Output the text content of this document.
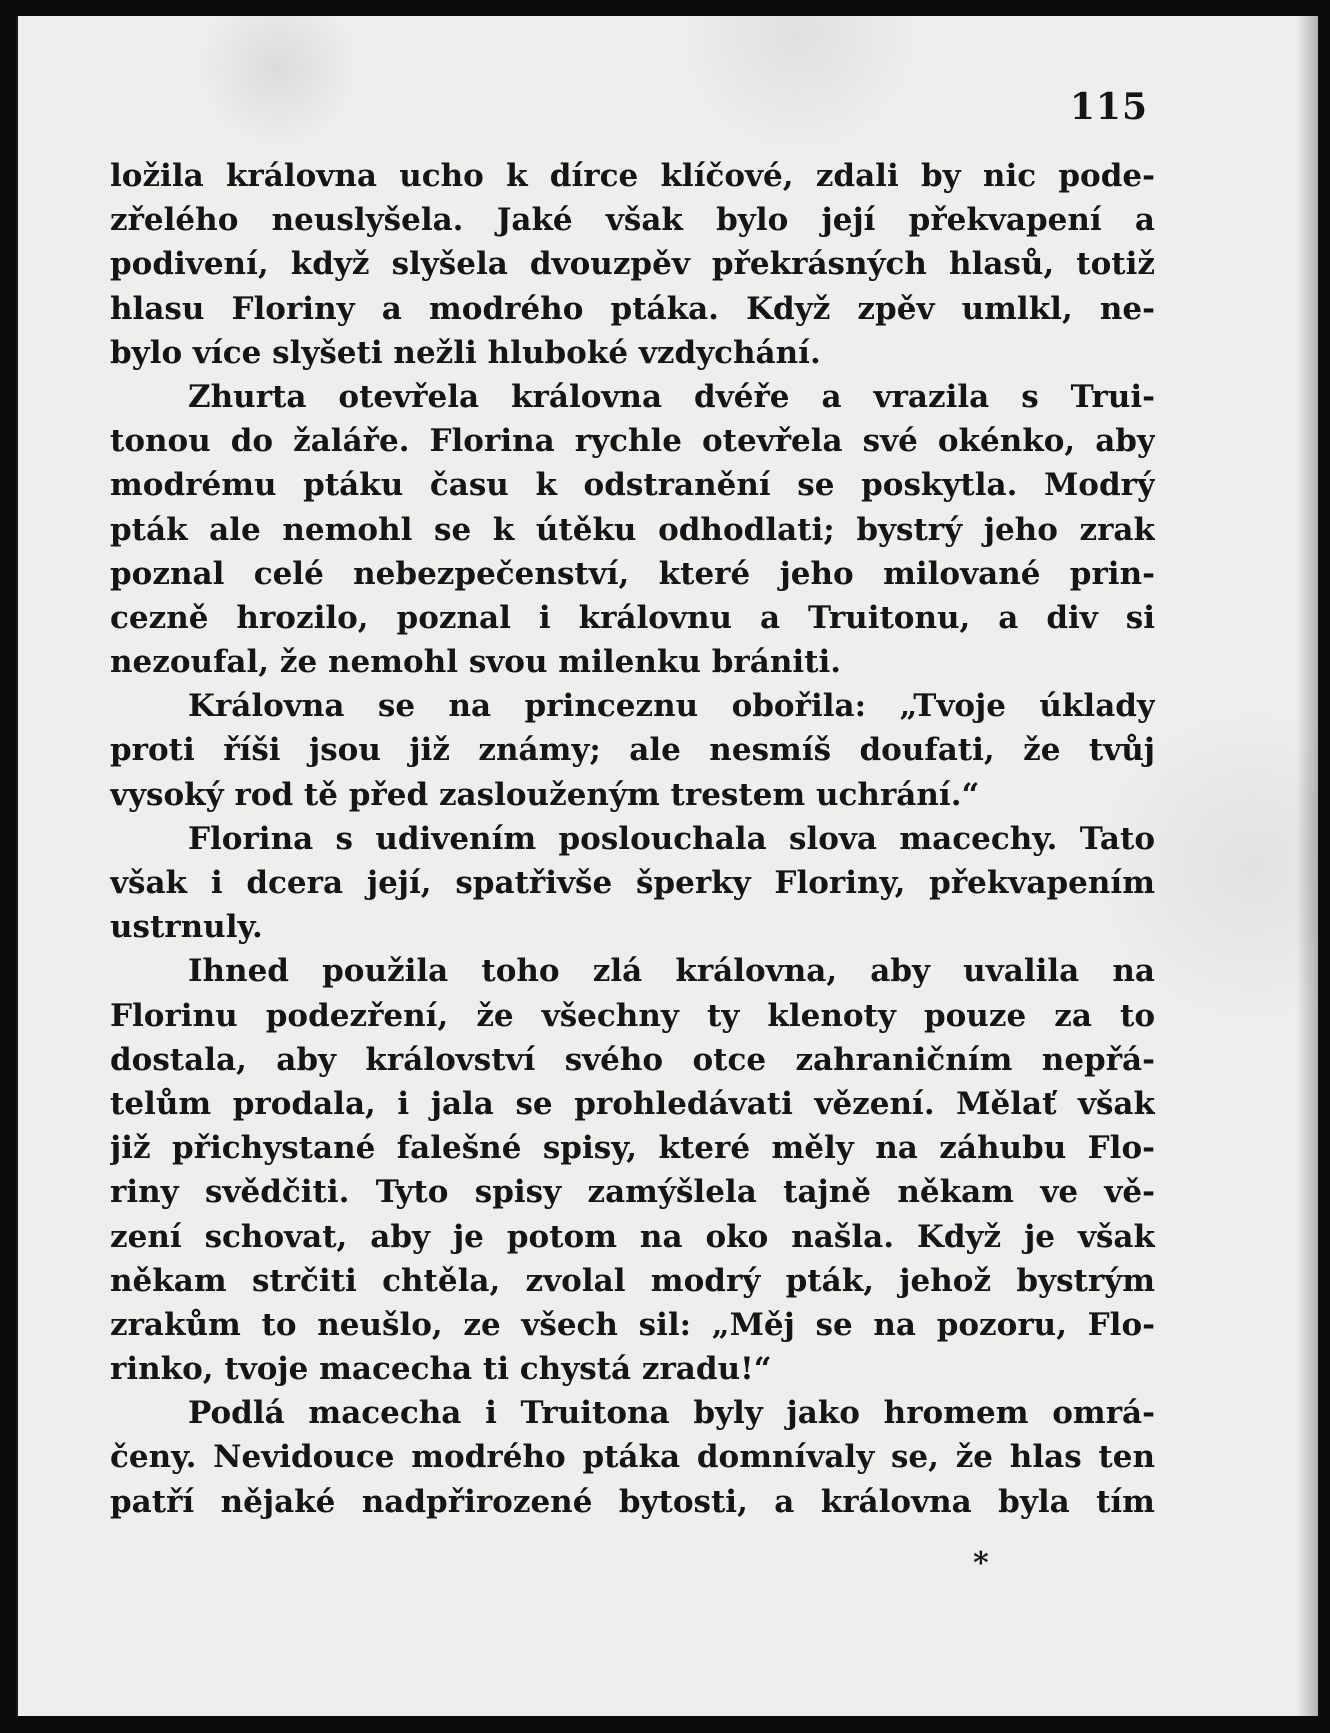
115
ložila královna ucho k dírce klíčové, zdali by nic pode-
zřelého neuslyšela. Jaké však bylo její překvapení a
podivení, když slyšela dvouzpěv překrásných hlasů, totiž
hlasu Floriny a modrého ptáka. Když zpěv umlkl, ne-
bylo více slyšeti nežli hluboké vzdychání.
Zhurta otevřela královna dvéře a vrazila s Trui-
tonou do žaláře. Florina rychle otevřela své okénko, aby
modrému ptáku času k odstranění se poskytla. Modrý
pták ale nemohl se k útěku odhodlati; bystrý jeho zrak
poznal celé nebezpečenství, které jeho milované prin-
cezně hrozilo, poznal i královnu a Truitonu, a div si
nezoufal, že nemohl svou milenku brániti.
Královna se na princeznu obořila: „Tvoje úklady
proti říši jsou již známy; ale nesmíš doufati, že tvůj
vysoký rod tě před zaslouženým trestem uchrání.“
Florina s udivením poslouchala slova macechy. Tato
však i dcera její, spatřivše šperky Floriny, překvapením
ustrnuly.
Ihned použila toho zlá královna, aby uvalila na
Florinu podezření, že všechny ty klenoty pouze za to
dostala, aby království svého otce zahraničním nepřá-
telům prodala, i jala se prohledávati vězení. Mělať však
již přichystané falešné spisy, které měly na záhubu Flo-
riny svědčiti. Tyto spisy zamýšlela tajně někam ve vě-
zení schovat, aby je potom na oko našla. Když je však
někam strčiti chtěla, zvolal modrý pták, jehož bystrým
zrakům to neušlo, ze všech sil: „Měj se na pozoru, Flo-
rinko, tvoje macecha ti chystá zradu!“
Podlá macecha i Truitona byly jako hromem omrá-
čeny. Nevidouce modrého ptáka domnívaly se, že hlas ten
patří nějaké nadpřirozené bytosti, a královna byla tím
*
